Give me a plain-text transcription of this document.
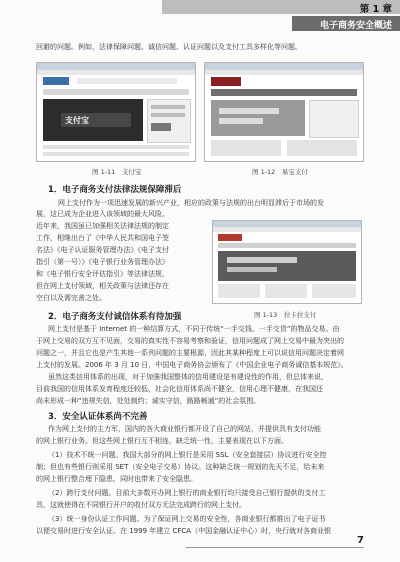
第 1 章
电子商务安全概述
回避的问题。例如，法律保障问题、诚信问题、认证问题以及支付工具多样化等问题。
支付宝
图 1-11　支付宝	图 1-12　易宝支付
1．电子商务支付法律法规保障滞后
网上支付作为一项迅速发展的新兴产业，相应的政策与法规的出台明显滞后于市场的发
展，这已成为企业进入该领域的最大风险。
近年来，我国虽已加强相关法律法规的制定
工作，相继出台了《中华人民共和国电子签
名法》《电子认证服务管理办法》《电子支付
指引（第一号）》《电子银行业务管理办法》
和《电子银行安全评估指引》等法律法规，
但在网上支付领域，相关政策与法律还存在
空白以及需完善之处。
图 1-13　拉卡拉支付
2．电子商务支付诚信体系有待加强
网上支付是基于 Internet 的一种结算方式，不同于传统“一手交钱、一手交货”的物品交易。由
于网上交易的双方互不见面，交易的真实性不容易考察和验证，信用问题成了网上交易中最为突出的
问题之一，并且它也是产生其他一系列问题的主要根源，因此其某种程度上可以说信用问题决定着网
上支付的发展。2006 年 3 月 10 日，中国电子商务协会颁布了《中国企业电子商务诚信基本规范》。
虽然这类信用体系的出现，对于加强我国整体的信用建设是有建设性的作用，但总体来说，
目前我国的信用体系发育程度还较低，社会化信用体系尚不健全，信用心理不健康，在我国还
尚未形成一种“违规失信，处处制约；诚实守信，路路畅通”的社会氛围。
3．安全认证体系尚不完善
作为网上支付的主力军，国内的各大商业银行都开设了自己的网站，并提供具有支付功能
的网上银行业务。但这些网上银行互不相连，缺乏统一性，主要表现在以下方面。
（1）技术不统一问题。我国大部分的网上银行是采用 SSL（安全套接层）协议进行安全控
制；但也有些银行则采用 SET（安全电子交易）协议。这种缺乏统一规划的先天不足，给未来
的网上银行整合埋下隐患，同时也带来了安全隐患。
（2）跨行支付问题。目前大多数开办网上银行的商业银行均只接受自己银行提供的支付工
具，这就使得在不同银行开户的收付双方无法完成跨行的网上支付。
（3）统一身份认证工作问题。为了保证网上交易的安全性，各商业银行都推出了电子证书
以便交易时进行安全认证。在 1999 年建立 CFCA（中国金融认证中心）时，央行就对各商业银
7
